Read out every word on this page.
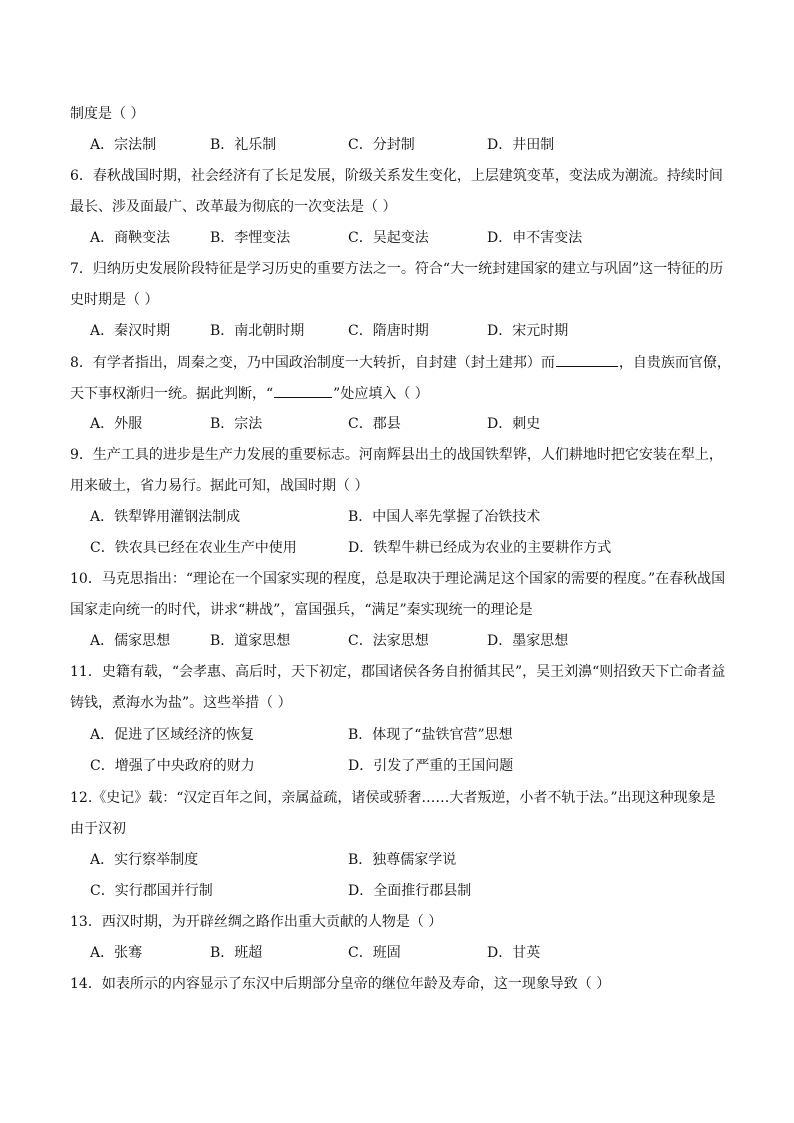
制度是（ ）
A．宗法制	B．礼乐制	C．分封制	D．井田制
6．春秋战国时期，社会经济有了长足发展，阶级关系发生变化，上层建筑变革，变法成为潮流。持续时间
最长、涉及面最广、改革最为彻底的一次变法是（ ）
A．商鞅变法	B．李悝变法	C．吴起变法	D．申不害变法
7．归纳历史发展阶段特征是学习历史的重要方法之一。符合“大一统封建国家的建立与巩固”这一特征的历
史时期是（ ）
A．秦汉时期	B．南北朝时期	C．隋唐时期	D．宋元时期
8．有学者指出，周秦之变，乃中国政治制度一大转折，自封建（封土建邦）而	，自贵族而官僚，
天下事权渐归一统。据此判断，“	”处应填入（ ）
A．外服	B．宗法	C．郡县	D．刺史
9．生产工具的进步是生产力发展的重要标志。河南辉县出土的战国铁犁铧，人们耕地时把它安装在犁上，
用来破土，省力易行。据此可知，战国时期（ ）
A．铁犁铧用灌钢法制成	B．中国人率先掌握了冶铁技术
C．铁农具已经在农业生产中使用	D．铁犁牛耕已经成为农业的主要耕作方式
10．马克思指出：“理论在一个国家实现的程度，总是取决于理论满足这个国家的需要的程度。”在春秋战国
国家走向统一的时代，讲求“耕战”，富国强兵，“满足”秦实现统一的理论是
A．儒家思想	B．道家思想	C．法家思想	D．墨家思想
11．史籍有载，“会孝惠、高后时，天下初定，郡国诸侯各务自拊循其民”，吴王刘濞“则招致天下亡命者益
铸钱，煮海水为盐”。这些举措（ ）
A．促进了区域经济的恢复	B．体现了“盐铁官营”思想
C．增强了中央政府的财力	D．引发了严重的王国问题
12.《史记》载：“汉定百年之间，亲属益疏，诸侯或骄奢……大者叛逆，小者不轨于法。”出现这种现象是
由于汉初
A．实行察举制度	B．独尊儒家学说
C．实行郡国并行制	D．全面推行郡县制
13．西汉时期，为开辟丝绸之路作出重大贡献的人物是（ ）
A．张骞	B．班超	C．班固	D．甘英
14．如表所示的内容显示了东汉中后期部分皇帝的继位年龄及寿命，这一现象导致（ ）
